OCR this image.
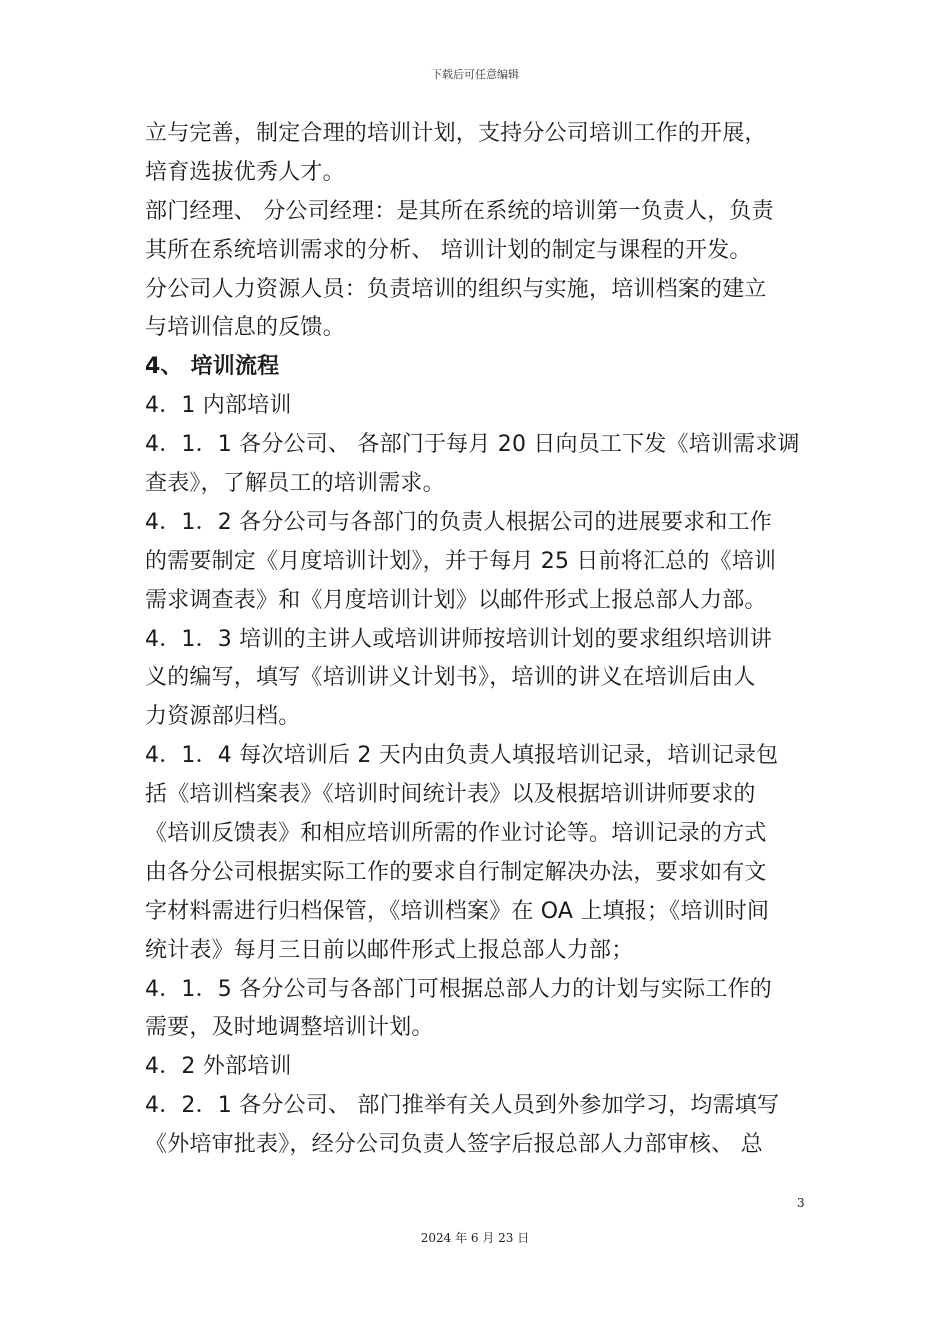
下载后可任意编辑
立与完善，制定合理的培训计划，支持分公司培训工作的开展，
培育选拔优秀人才。
部门经理、 分公司经理：是其所在系统的培训第一负责人，负责
其所在系统培训需求的分析、 培训计划的制定与课程的开发。
分公司人力资源人员：负责培训的组织与实施，培训档案的建立
与培训信息的反馈。
4、 培训流程
4．1 内部培训
4．1．1 各分公司、 各部门于每月 20 日向员工下发《培训需求调
查表》，了解员工的培训需求。
4．1．2 各分公司与各部门的负责人根据公司的进展要求和工作
的需要制定《月度培训计划》，并于每月 25 日前将汇总的《培训
需求调查表》和《月度培训计划》以邮件形式上报总部人力部。
4．1．3 培训的主讲人或培训讲师按培训计划的要求组织培训讲
义的编写，填写《培训讲义计划书》，培训的讲义在培训后由人
力资源部归档。
4．1．4 每次培训后 2 天内由负责人填报培训记录，培训记录包
括《培训档案表》《培训时间统计表》以及根据培训讲师要求的
《培训反馈表》和相应培训所需的作业讨论等。培训记录的方式
由各分公司根据实际工作的要求自行制定解决办法，要求如有文
字材料需进行归档保管，《培训档案》在 OA 上填报；《培训时间
统计表》每月三日前以邮件形式上报总部人力部；
4．1．5 各分公司与各部门可根据总部人力的计划与实际工作的
需要，及时地调整培训计划。
4．2 外部培训
4．2．1 各分公司、 部门推举有关人员到外参加学习，均需填写
《外培审批表》，经分公司负责人签字后报总部人力部审核、 总
3
2024 年 6 月 23 日
